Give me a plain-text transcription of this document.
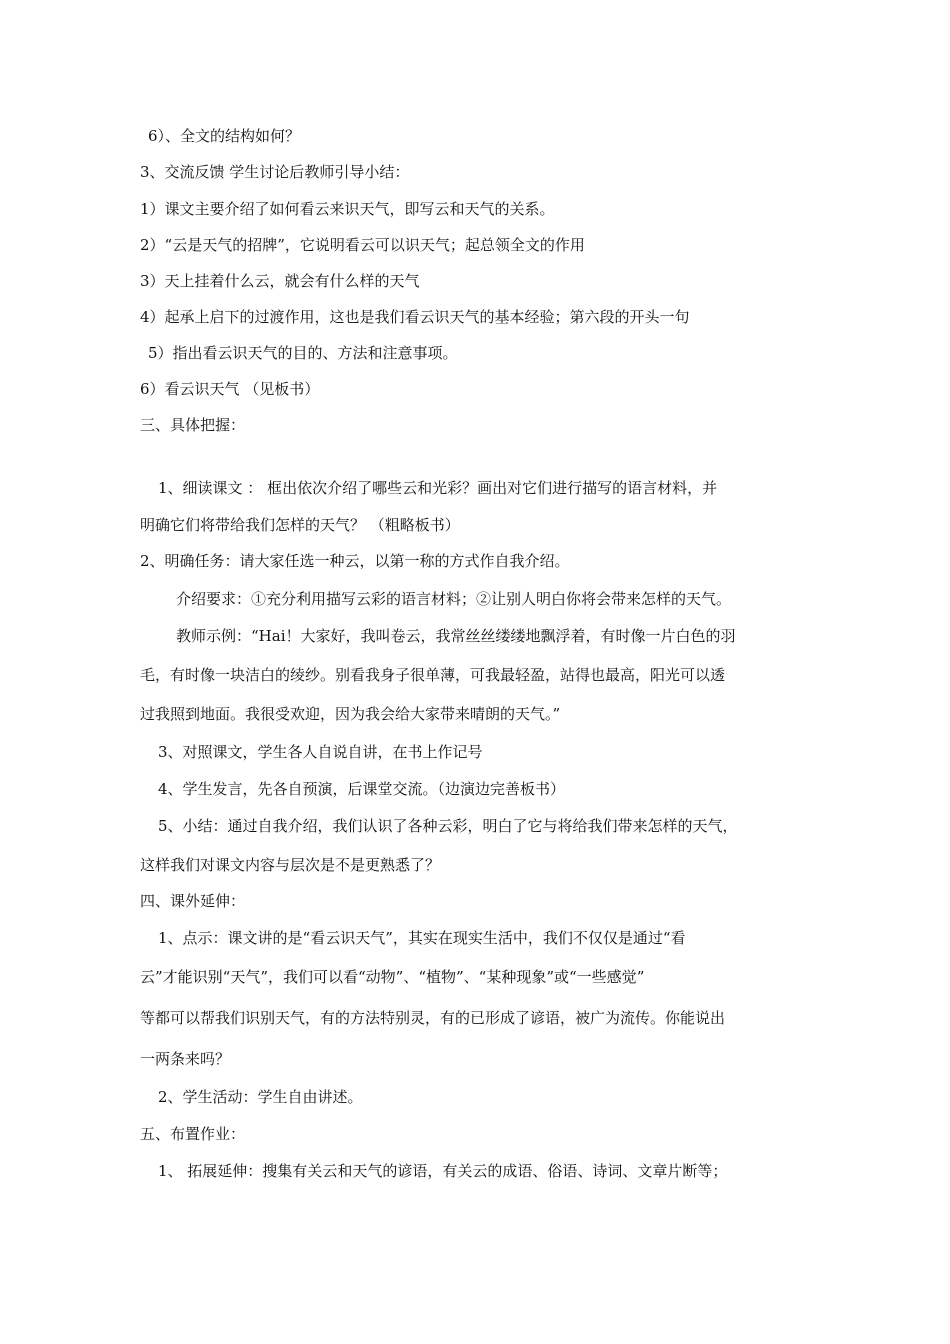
6）、全文的结构如何？
3、交流反馈 学生讨论后教师引导小结：
1）课文主要介绍了如何看云来识天气，即写云和天气的关系。
2）“云是天气的招牌”，它说明看云可以识天气；起总领全文的作用
3）天上挂着什么云，就会有什么样的天气
4）起承上启下的过渡作用，这也是我们看云识天气的基本经验；第六段的开头一句
5）指出看云识天气的目的、方法和注意事项。
6）看云识天气 （见板书）
三、具体把握：
1、细读课文 ： 框出依次介绍了哪些云和光彩？画出对它们进行描写的语言材料，并
明确它们将带给我们怎样的天气？ （粗略板书）
2、明确任务：请大家任选一种云，以第一称的方式作自我介绍。
介绍要求：①充分利用描写云彩的语言材料；②让别人明白你将会带来怎样的天气。
教师示例：“Hai！大家好，我叫卷云，我常丝丝缕缕地飘浮着，有时像一片白色的羽
毛，有时像一块洁白的绫纱。别看我身子很单薄，可我最轻盈，站得也最高，阳光可以透
过我照到地面。我很受欢迎，因为我会给大家带来晴朗的天气。”
3、对照课文，学生各人自说自讲，在书上作记号
4、学生发言，先各自预演，后课堂交流。（边演边完善板书）
5、小结：通过自我介绍，我们认识了各种云彩，明白了它与将给我们带来怎样的天气，
这样我们对课文内容与层次是不是更熟悉了？
四、课外延伸：
1、点示：课文讲的是“看云识天气”，其实在现实生活中，我们不仅仅是通过“看
云”才能识别“天气”，我们可以看“动物”、“植物”、“某种现象”或“一些感觉”
等都可以帮我们识别天气，有的方法特别灵，有的已形成了谚语，被广为流传。你能说出
一两条来吗？
2、学生活动：学生自由讲述。
五、布置作业：
1、 拓展延伸：搜集有关云和天气的谚语，有关云的成语、俗语、诗词、文章片断等；
